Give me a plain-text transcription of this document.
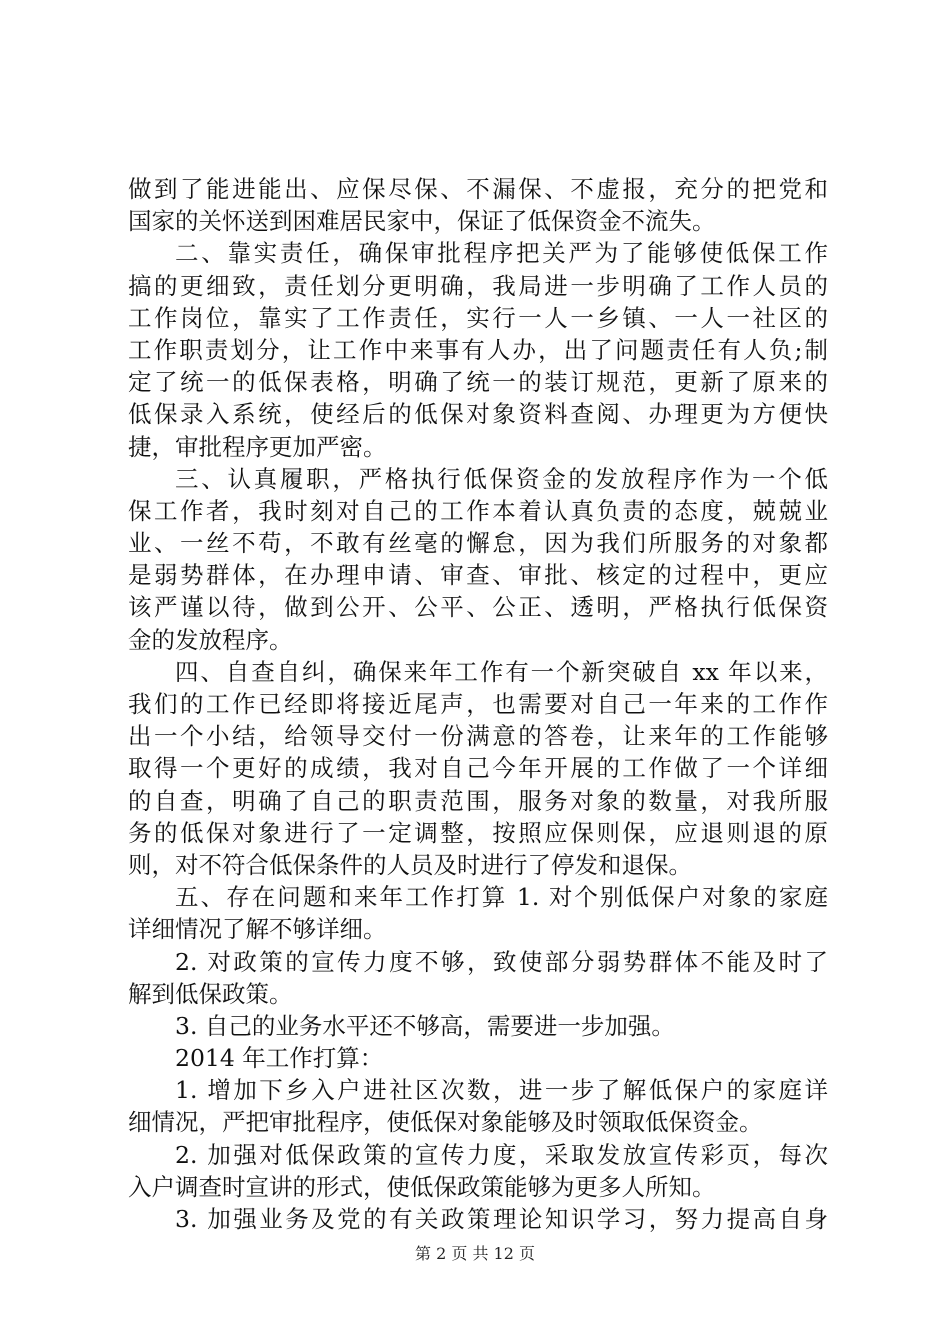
做到了能进能出、应保尽保、不漏保、不虚报，充分的把党和
国家的关怀送到困难居民家中，保证了低保资金不流失。
二、靠实责任，确保审批程序把关严为了能够使低保工作
搞的更细致，责任划分更明确，我局进一步明确了工作人员的
工作岗位，靠实了工作责任，实行一人一乡镇、一人一社区的
工作职责划分，让工作中来事有人办，出了问题责任有人负;制
定了统一的低保表格，明确了统一的装订规范，更新了原来的
低保录入系统，使经后的低保对象资料查阅、办理更为方便快
捷，审批程序更加严密。
三、认真履职，严格执行低保资金的发放程序作为一个低
保工作者，我时刻对自己的工作本着认真负责的态度，兢兢业
业、一丝不苟，不敢有丝毫的懈怠，因为我们所服务的对象都
是弱势群体，在办理申请、审查、审批、核定的过程中，更应
该严谨以待，做到公开、公平、公正、透明，严格执行低保资
金的发放程序。
四、自查自纠，确保来年工作有一个新突破自 xx 年以来，
我们的工作已经即将接近尾声，也需要对自己一年来的工作作
出一个小结，给领导交付一份满意的答卷，让来年的工作能够
取得一个更好的成绩，我对自己今年开展的工作做了一个详细
的自查，明确了自己的职责范围，服务对象的数量，对我所服
务的低保对象进行了一定调整，按照应保则保，应退则退的原
则，对不符合低保条件的人员及时进行了停发和退保。
五、存在问题和来年工作打算 1. 对个别低保户对象的家庭
详细情况了解不够详细。
2. 对政策的宣传力度不够，致使部分弱势群体不能及时了
解到低保政策。
3. 自己的业务水平还不够高，需要进一步加强。
2014 年工作打算：
1. 增加下乡入户进社区次数，进一步了解低保户的家庭详
细情况，严把审批程序，使低保对象能够及时领取低保资金。
2. 加强对低保政策的宣传力度，采取发放宣传彩页，每次
入户调查时宣讲的形式，使低保政策能够为更多人所知。
3. 加强业务及党的有关政策理论知识学习，努力提高自身
第 2 页 共 12 页
